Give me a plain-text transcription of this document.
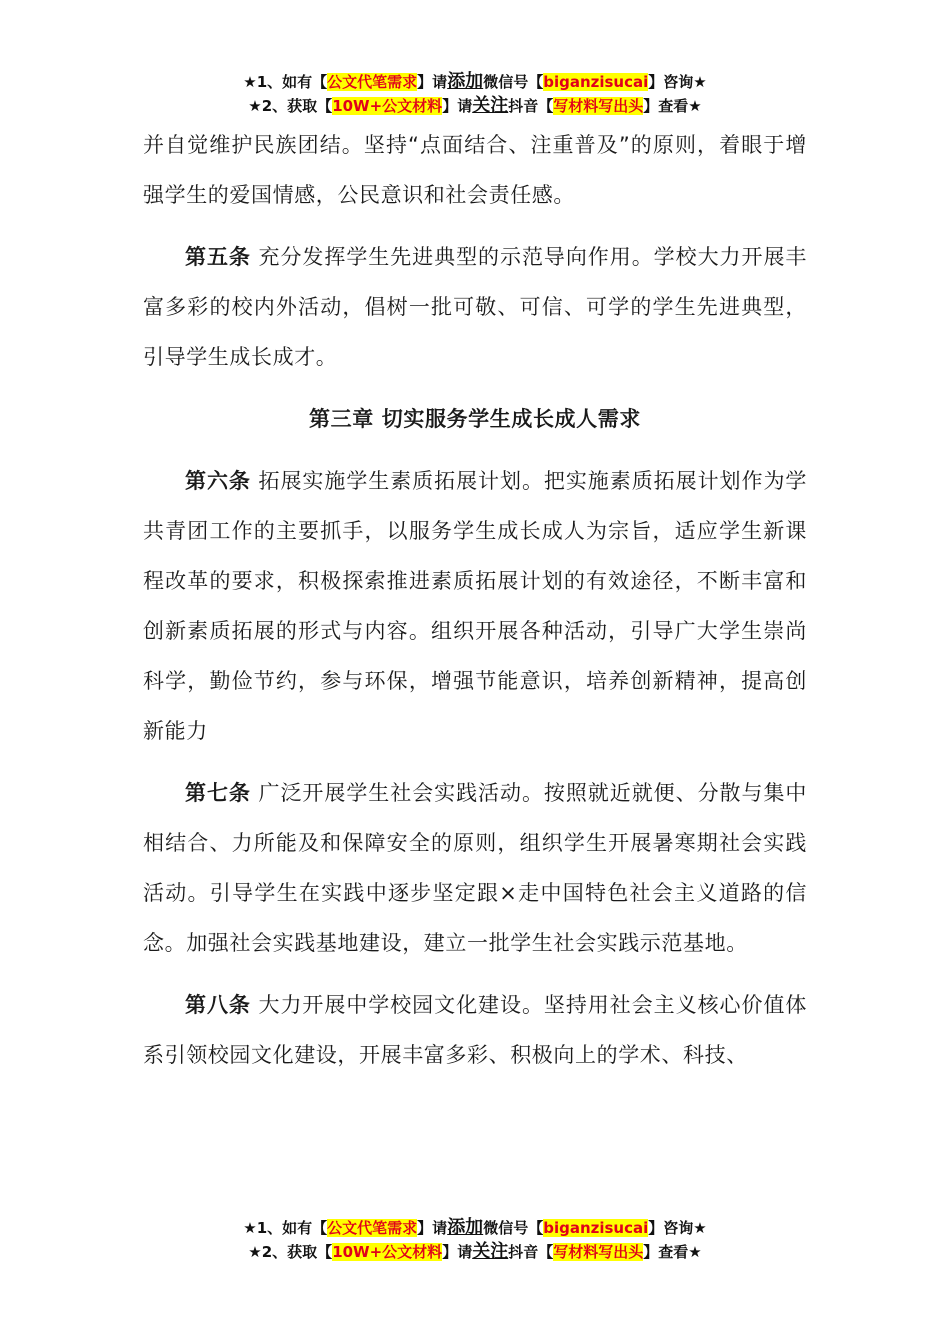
★1、如有【公文代笔需求】请添加微信号【biganzisucai】咨询★
★2、获取【10W+公文材料】请关注抖音【写材料写出头】查看★

并自觉维护民族团结。坚持“点面结合、注重普及”的原则，着眼于增强学生的爱国情感，公民意识和社会责任感。

第五条 充分发挥学生先进典型的示范导向作用。学校大力开展丰富多彩的校内外活动，倡树一批可敬、可信、可学的学生先进典型，引导学生成长成才。

第三章 切实服务学生成长成人需求

第六条 拓展实施学生素质拓展计划。把实施素质拓展计划作为学共青团工作的主要抓手，以服务学生成长成人为宗旨，适应学生新课程改革的要求，积极探索推进素质拓展计划的有效途径，不断丰富和创新素质拓展的形式与内容。组织开展各种活动，引导广大学生崇尚科学，勤俭节约，参与环保，增强节能意识，培养创新精神，提高创新能力

第七条 广泛开展学生社会实践活动。按照就近就便、分散与集中相结合、力所能及和保障安全的原则，组织学生开展暑寒期社会实践活动。引导学生在实践中逐步坚定跟×走中国特色社会主义道路的信念。加强社会实践基地建设，建立一批学生社会实践示范基地。

第八条 大力开展中学校园文化建设。坚持用社会主义核心价值体系引领校园文化建设，开展丰富多彩、积极向上的学术、科技、

★1、如有【公文代笔需求】请添加微信号【biganzisucai】咨询★
★2、获取【10W+公文材料】请关注抖音【写材料写出头】查看★
